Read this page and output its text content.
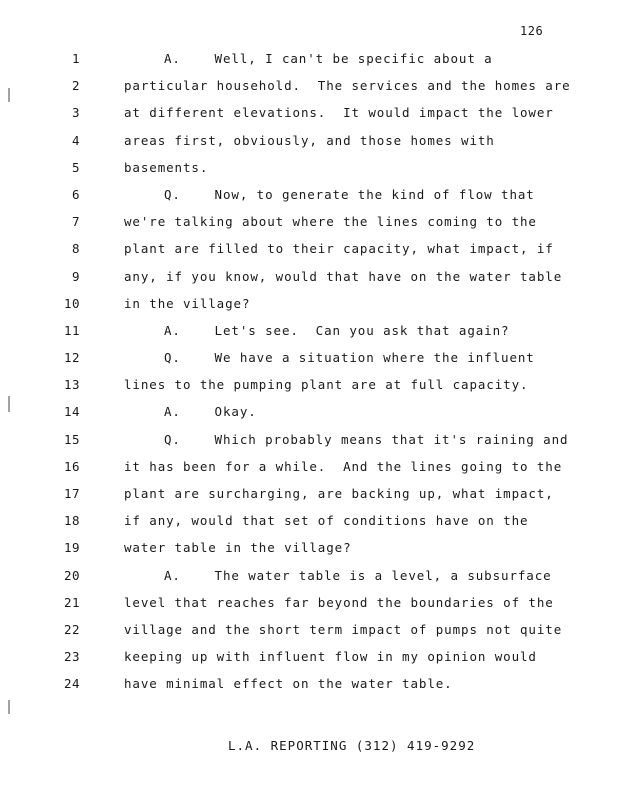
126
1	A.    Well, I can't be specific about a
2	particular household.  The services and the homes are
3	at different elevations.  It would impact the lower
4	areas first, obviously, and those homes with
5	basements.
6	Q.    Now, to generate the kind of flow that
7	we're talking about where the lines coming to the
8	plant are filled to their capacity, what impact, if
9	any, if you know, would that have on the water table
10	in the village?
11	A.    Let's see.  Can you ask that again?
12	Q.    We have a situation where the influent
13	lines to the pumping plant are at full capacity.
14	A.    Okay.
15	Q.    Which probably means that it's raining and
16	it has been for a while.  And the lines going to the
17	plant are surcharging, are backing up, what impact,
18	if any, would that set of conditions have on the
19	water table in the village?
20	A.    The water table is a level, a subsurface
21	level that reaches far beyond the boundaries of the
22	village and the short term impact of pumps not quite
23	keeping up with influent flow in my opinion would
24	have minimal effect on the water table.
L.A. REPORTING (312) 419-9292
